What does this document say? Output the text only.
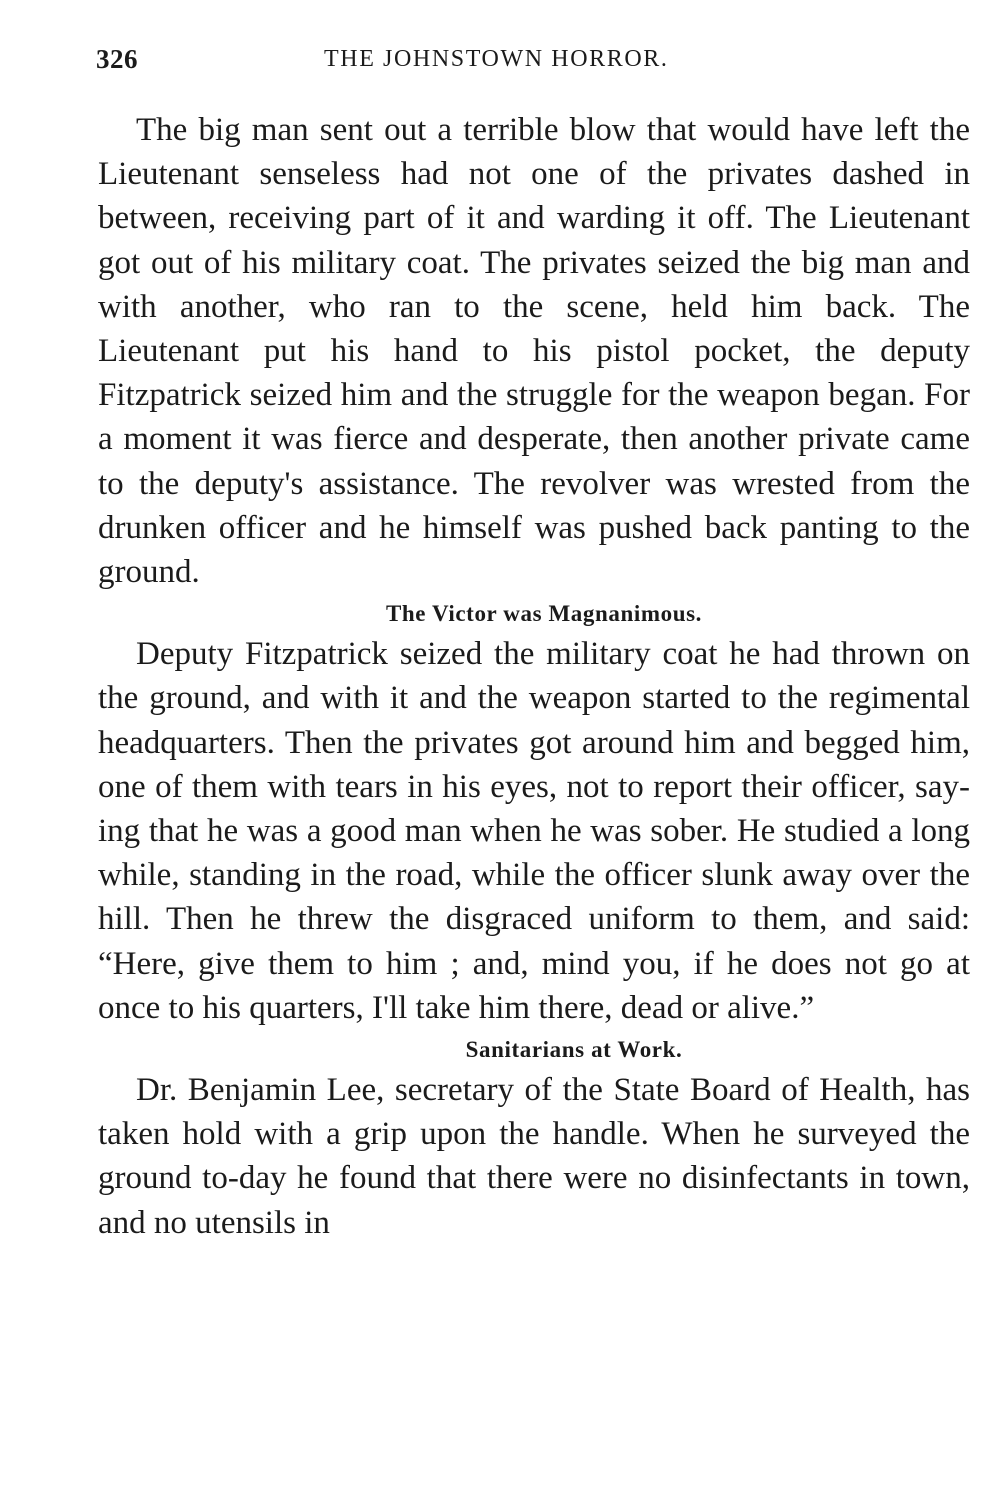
326	THE JOHNSTOWN HORROR.

The big man sent out a terrible blow that would have left the Lieutenant senseless had not one of the privates dashed in between, receiving part of it and warding it off. The Lieutenant got out of his military coat. The privates seized the big man and with another, who ran to the scene, held him back. The Lieutenant put his hand to his pistol pocket, the deputy Fitzpatrick seized him and the struggle for the weapon began. For a moment it was fierce and desperate, then another private came to the deputy's assistance. The revolver was wrested from the drunken officer and he himself was pushed back panting to the ground.

The Victor was Magnanimous.

Deputy Fitzpatrick seized the military coat he had thrown on the ground, and with it and the weapon started to the regimental headquarters. Then the privates got around him and begged him, one of them with tears in his eyes, not to report their officer, saying that he was a good man when he was sober. He studied a long while, standing in the road, while the officer slunk away over the hill. Then he threw the disgraced uniform to them, and said: “Here, give them to him ; and, mind you, if he does not go at once to his quarters, I'll take him there, dead or alive.”

Sanitarians at Work.

Dr. Benjamin Lee, secretary of the State Board of Health, has taken hold with a grip upon the handle. When he surveyed the ground to-day he found that there were no disinfectants in town, and no utensils in
